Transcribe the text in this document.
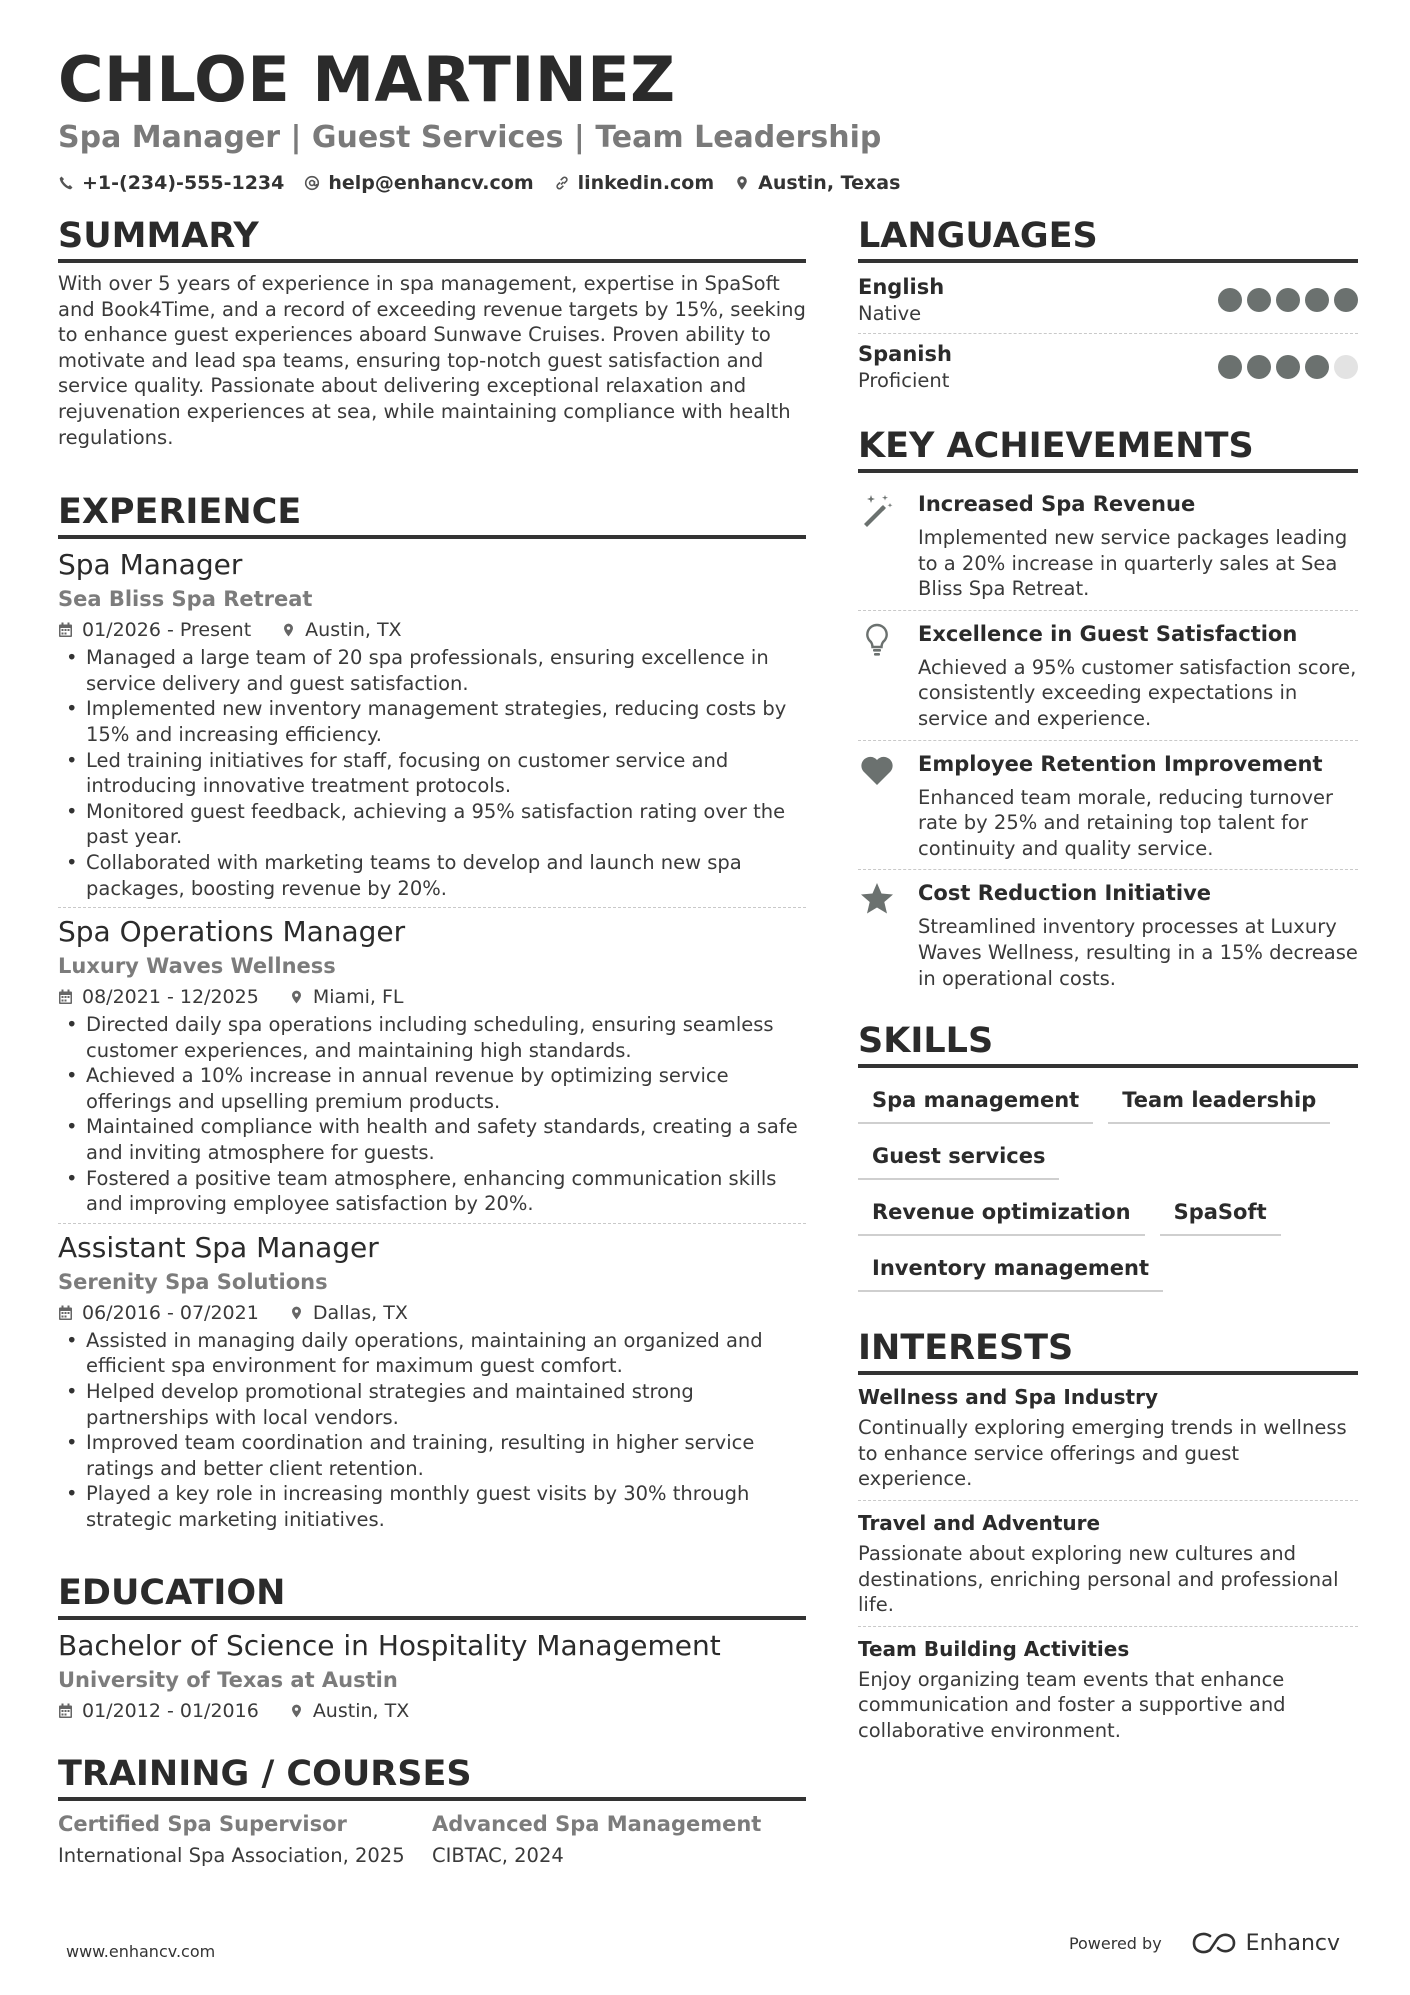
CHLOE MARTINEZ
Spa Manager | Guest Services | Team Leadership
+1-(234)-555-1234 help@enhancv.com linkedin.com Austin, Texas
SUMMARY
With over 5 years of experience in spa management, expertise in SpaSoft and Book4Time, and a record of exceeding revenue targets by 15%, seeking to enhance guest experiences aboard Sunwave Cruises. Proven ability to motivate and lead spa teams, ensuring top-notch guest satisfaction and service quality. Passionate about delivering exceptional relaxation and rejuvenation experiences at sea, while maintaining compliance with health regulations.
EXPERIENCE
Spa Manager
Sea Bliss Spa Retreat
01/2026 - Present	Austin, TX
• Managed a large team of 20 spa professionals, ensuring excellence in service delivery and guest satisfaction.
• Implemented new inventory management strategies, reducing costs by 15% and increasing efficiency.
• Led training initiatives for staff, focusing on customer service and introducing innovative treatment protocols.
• Monitored guest feedback, achieving a 95% satisfaction rating over the past year.
• Collaborated with marketing teams to develop and launch new spa packages, boosting revenue by 20%.
Spa Operations Manager
Luxury Waves Wellness
08/2021 - 12/2025	Miami, FL
• Directed daily spa operations including scheduling, ensuring seamless customer experiences, and maintaining high standards.
• Achieved a 10% increase in annual revenue by optimizing service offerings and upselling premium products.
• Maintained compliance with health and safety standards, creating a safe and inviting atmosphere for guests.
• Fostered a positive team atmosphere, enhancing communication skills and improving employee satisfaction by 20%.
Assistant Spa Manager
Serenity Spa Solutions
06/2016 - 07/2021	Dallas, TX
• Assisted in managing daily operations, maintaining an organized and efficient spa environment for maximum guest comfort.
• Helped develop promotional strategies and maintained strong partnerships with local vendors.
• Improved team coordination and training, resulting in higher service ratings and better client retention.
• Played a key role in increasing monthly guest visits by 30% through strategic marketing initiatives.
EDUCATION
Bachelor of Science in Hospitality Management
University of Texas at Austin
01/2012 - 01/2016	Austin, TX
TRAINING / COURSES
Certified Spa Supervisor
International Spa Association, 2025
Advanced Spa Management
CIBTAC, 2024
LANGUAGES
English
Native
Spanish
Proficient
KEY ACHIEVEMENTS
Increased Spa Revenue
Implemented new service packages leading to a 20% increase in quarterly sales at Sea Bliss Spa Retreat.
Excellence in Guest Satisfaction
Achieved a 95% customer satisfaction score, consistently exceeding expectations in service and experience.
Employee Retention Improvement
Enhanced team morale, reducing turnover rate by 25% and retaining top talent for continuity and quality service.
Cost Reduction Initiative
Streamlined inventory processes at Luxury Waves Wellness, resulting in a 15% decrease in operational costs.
SKILLS
Spa management	Team leadership
Guest services
Revenue optimization	SpaSoft
Inventory management
INTERESTS
Wellness and Spa Industry
Continually exploring emerging trends in wellness to enhance service offerings and guest experience.
Travel and Adventure
Passionate about exploring new cultures and destinations, enriching personal and professional life.
Team Building Activities
Enjoy organizing team events that enhance communication and foster a supportive and collaborative environment.
www.enhancv.com	Powered by	Enhancv
